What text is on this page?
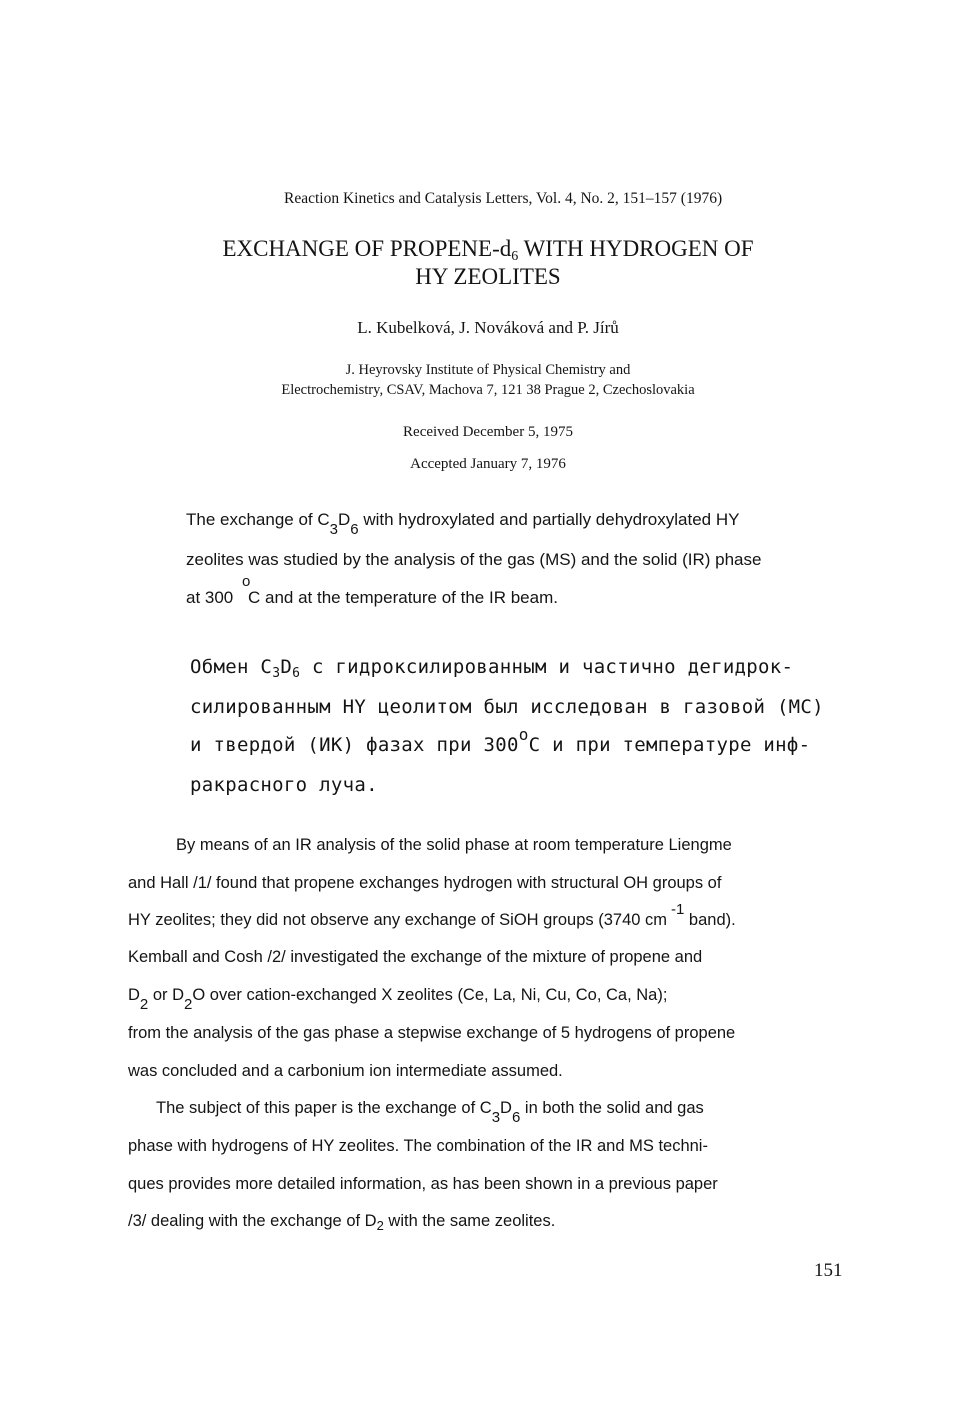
Reaction Kinetics and Catalysis Letters, Vol. 4, No. 2, 151–157 (1976)
EXCHANGE OF PROPENE-$d_6$ WITH HYDROGEN OF
HY ZEOLITES
L. Kubelková, J. Nováková and P. Jírů
J. Heyrovsky Institute of Physical Chemistry and
Electrochemistry, CSAV, Machova 7, 121 38 Prague 2, Czechoslovakia
Received December 5, 1975
Accepted January 7, 1976
The exchange of C3D6 with hydroxylated and partially dehydroxylated HY
zeolites was studied by the analysis of the gas (MS) and the solid (IR) phase
o
at 300 C and at the temperature of the IR beam.
Обмен $C_3D_6$ с гидроксилированным и частично дегидрок-
силированным HY цеолитом был исследован в газовой (МС)
и твердой (ИК) фазах при 300$^o$C и при температуре инф-
ракрасного луча.
By means of an IR analysis of the solid phase at room temperature Liengme
and Hall /1/ found that propene exchanges hydrogen with structural OH groups of
HY zeolites; they did not observe any exchange of SiOH groups (3740 cm-1 band).
Kemball and Cosh /2/ investigated the exchange of the mixture of propene and
D2 or D2O over cation-exchanged X zeolites (Ce, La, Ni, Cu, Co, Ca, Na);
from the analysis of the gas phase a stepwise exchange of 5 hydrogens of propene
was concluded and a carbonium ion intermediate assumed.
The subject of this paper is the exchange of C3D6 in both the solid and gas
phase with hydrogens of HY zeolites. The combination of the IR and MS techni-
ques provides more detailed information, as has been shown in a previous paper
/3/ dealing with the exchange of $D_2$ with the same zeolites.
151
